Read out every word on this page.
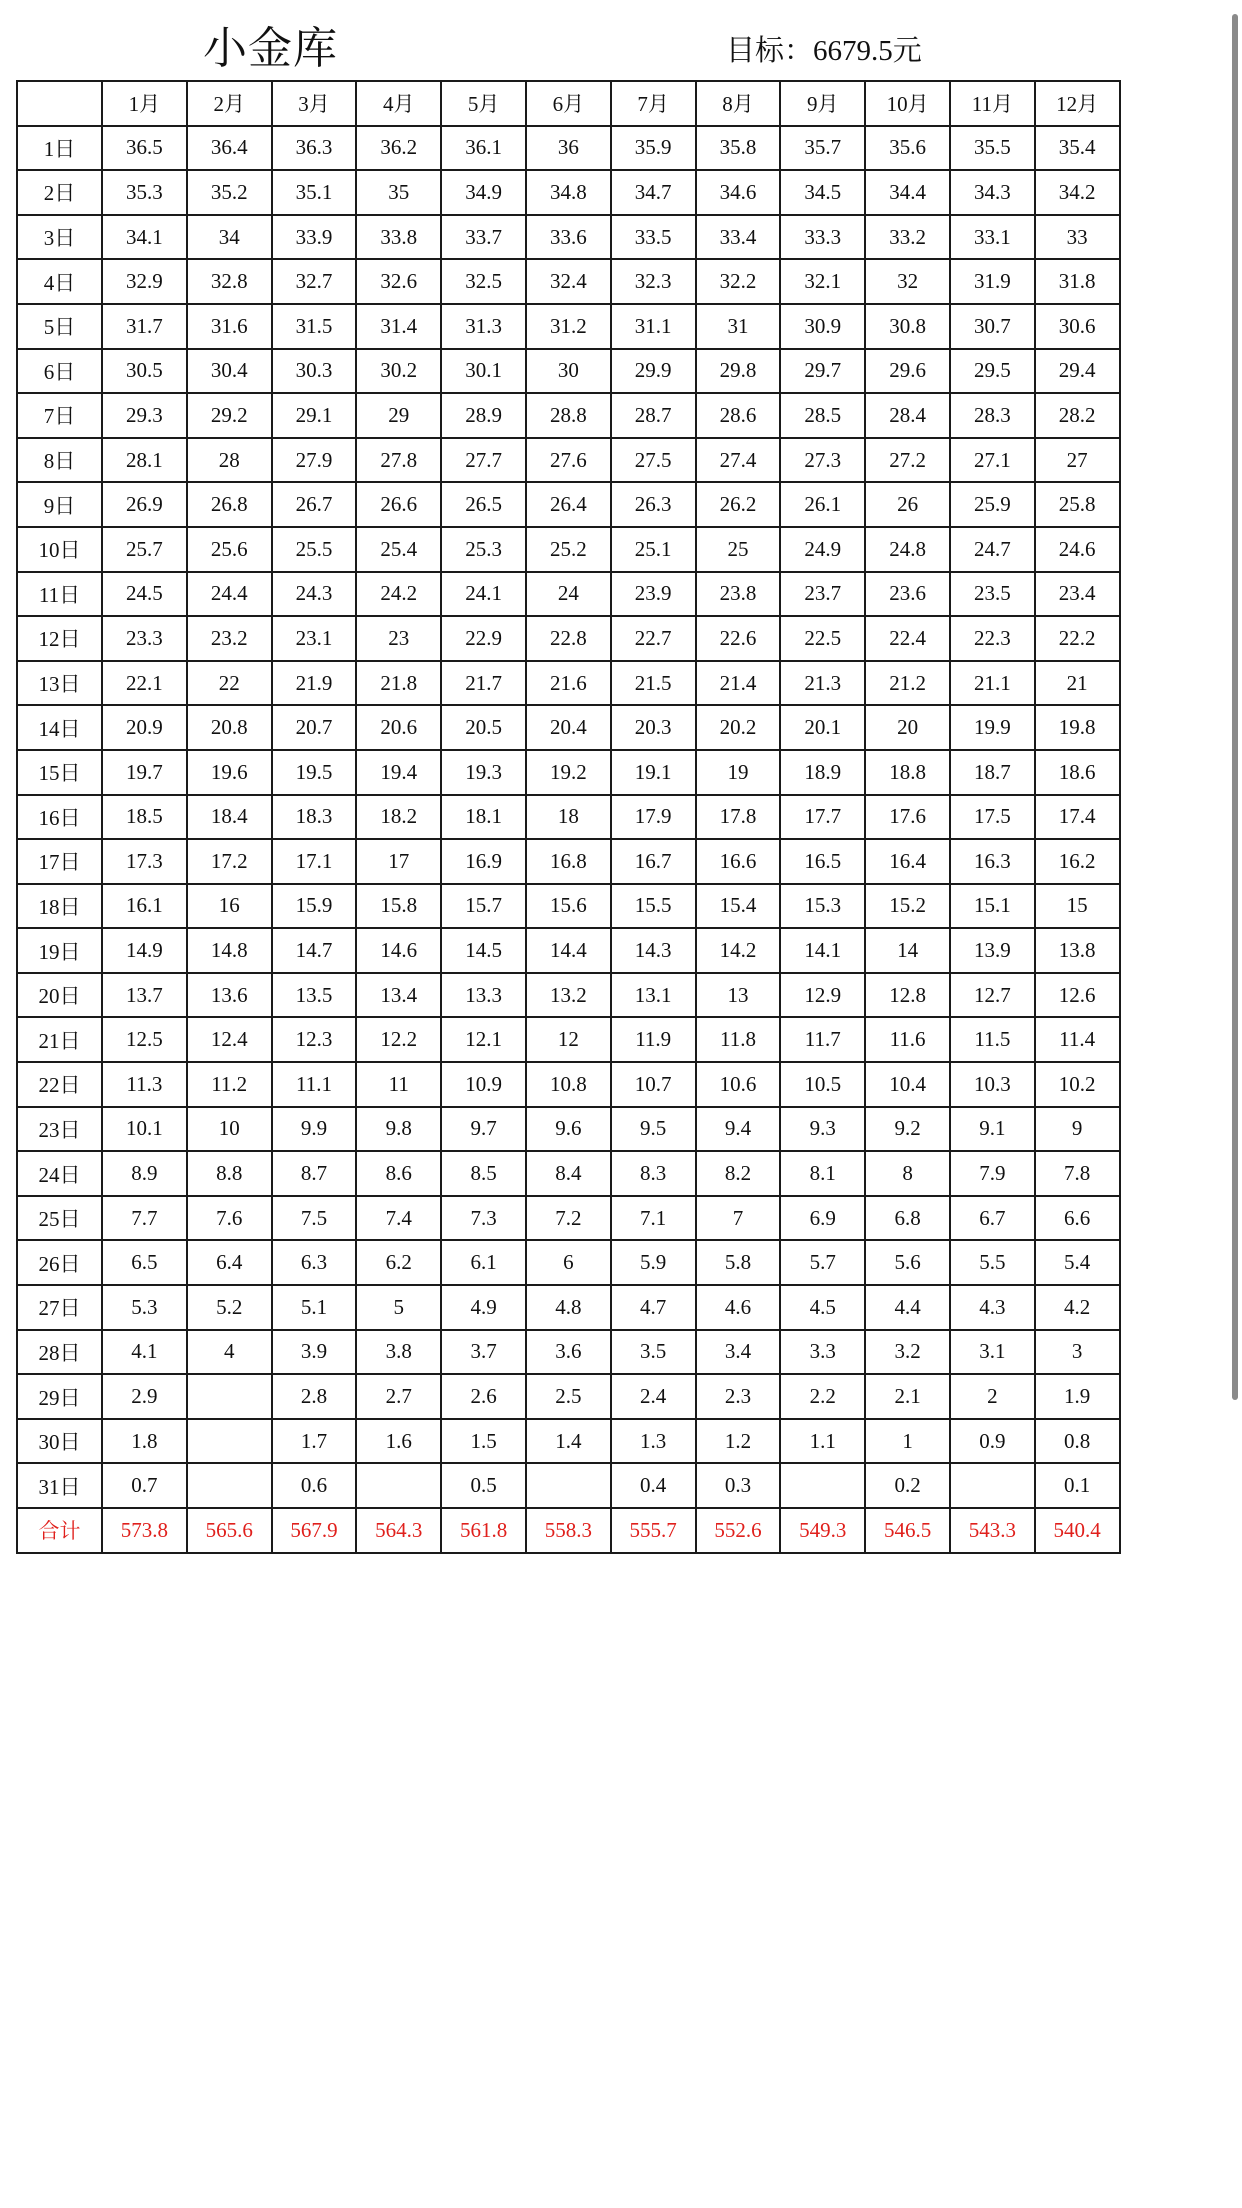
小金库	目标：6679.5元
	1月	2月	3月	4月	5月	6月	7月	8月	9月	10月	11月	12月
1日	36.5	36.4	36.3	36.2	36.1	36	35.9	35.8	35.7	35.6	35.5	35.4
2日	35.3	35.2	35.1	35	34.9	34.8	34.7	34.6	34.5	34.4	34.3	34.2
3日	34.1	34	33.9	33.8	33.7	33.6	33.5	33.4	33.3	33.2	33.1	33
4日	32.9	32.8	32.7	32.6	32.5	32.4	32.3	32.2	32.1	32	31.9	31.8
5日	31.7	31.6	31.5	31.4	31.3	31.2	31.1	31	30.9	30.8	30.7	30.6
6日	30.5	30.4	30.3	30.2	30.1	30	29.9	29.8	29.7	29.6	29.5	29.4
7日	29.3	29.2	29.1	29	28.9	28.8	28.7	28.6	28.5	28.4	28.3	28.2
8日	28.1	28	27.9	27.8	27.7	27.6	27.5	27.4	27.3	27.2	27.1	27
9日	26.9	26.8	26.7	26.6	26.5	26.4	26.3	26.2	26.1	26	25.9	25.8
10日	25.7	25.6	25.5	25.4	25.3	25.2	25.1	25	24.9	24.8	24.7	24.6
11日	24.5	24.4	24.3	24.2	24.1	24	23.9	23.8	23.7	23.6	23.5	23.4
12日	23.3	23.2	23.1	23	22.9	22.8	22.7	22.6	22.5	22.4	22.3	22.2
13日	22.1	22	21.9	21.8	21.7	21.6	21.5	21.4	21.3	21.2	21.1	21
14日	20.9	20.8	20.7	20.6	20.5	20.4	20.3	20.2	20.1	20	19.9	19.8
15日	19.7	19.6	19.5	19.4	19.3	19.2	19.1	19	18.9	18.8	18.7	18.6
16日	18.5	18.4	18.3	18.2	18.1	18	17.9	17.8	17.7	17.6	17.5	17.4
17日	17.3	17.2	17.1	17	16.9	16.8	16.7	16.6	16.5	16.4	16.3	16.2
18日	16.1	16	15.9	15.8	15.7	15.6	15.5	15.4	15.3	15.2	15.1	15
19日	14.9	14.8	14.7	14.6	14.5	14.4	14.3	14.2	14.1	14	13.9	13.8
20日	13.7	13.6	13.5	13.4	13.3	13.2	13.1	13	12.9	12.8	12.7	12.6
21日	12.5	12.4	12.3	12.2	12.1	12	11.9	11.8	11.7	11.6	11.5	11.4
22日	11.3	11.2	11.1	11	10.9	10.8	10.7	10.6	10.5	10.4	10.3	10.2
23日	10.1	10	9.9	9.8	9.7	9.6	9.5	9.4	9.3	9.2	9.1	9
24日	8.9	8.8	8.7	8.6	8.5	8.4	8.3	8.2	8.1	8	7.9	7.8
25日	7.7	7.6	7.5	7.4	7.3	7.2	7.1	7	6.9	6.8	6.7	6.6
26日	6.5	6.4	6.3	6.2	6.1	6	5.9	5.8	5.7	5.6	5.5	5.4
27日	5.3	5.2	5.1	5	4.9	4.8	4.7	4.6	4.5	4.4	4.3	4.2
28日	4.1	4	3.9	3.8	3.7	3.6	3.5	3.4	3.3	3.2	3.1	3
29日	2.9		2.8	2.7	2.6	2.5	2.4	2.3	2.2	2.1	2	1.9
30日	1.8		1.7	1.6	1.5	1.4	1.3	1.2	1.1	1	0.9	0.8
31日	0.7		0.6		0.5		0.4	0.3		0.2		0.1
合计	573.8	565.6	567.9	564.3	561.8	558.3	555.7	552.6	549.3	546.5	543.3	540.4
